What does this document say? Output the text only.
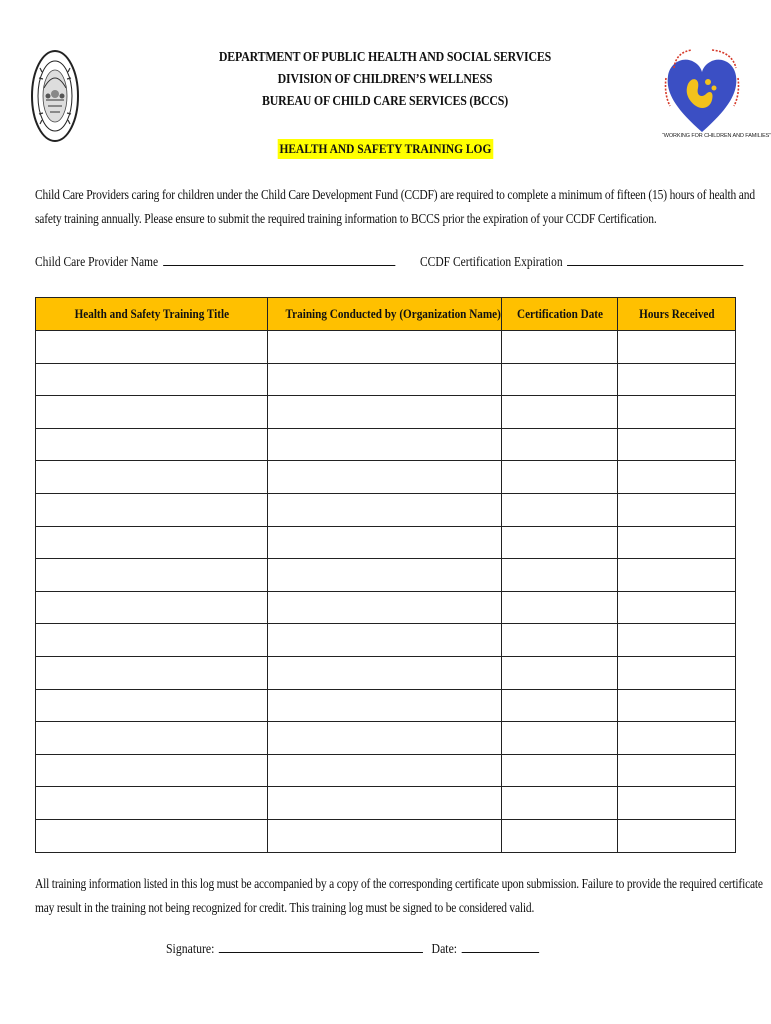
DEPARTMENT OF PUBLIC HEALTH AND SOCIAL SERVICES
DIVISION OF CHILDREN’S WELLNESS
BUREAU OF CHILD CARE SERVICES (BCCS)
“WORKING FOR CHILDREN AND FAMILIES”
HEALTH AND SAFETY TRAINING LOG
Child Care Providers caring for children under the Child Care Development Fund (CCDF) are required to complete a minimum of fifteen (15) hours of health and
safety training annually. Please ensure to submit the required training information to BCCS prior the expiration of your CCDF Certification.
Child Care Provider Name	CCDF Certification Expiration
Health and Safety Training Title	Training Conducted by (Organization Name)	Certification Date	Hours Received

All training information listed in this log must be accompanied by a copy of the corresponding certificate upon submission. Failure to provide the required certificate
may result in the training not being recognized for credit. This training log must be signed to be considered valid.
Signature:	Date:
